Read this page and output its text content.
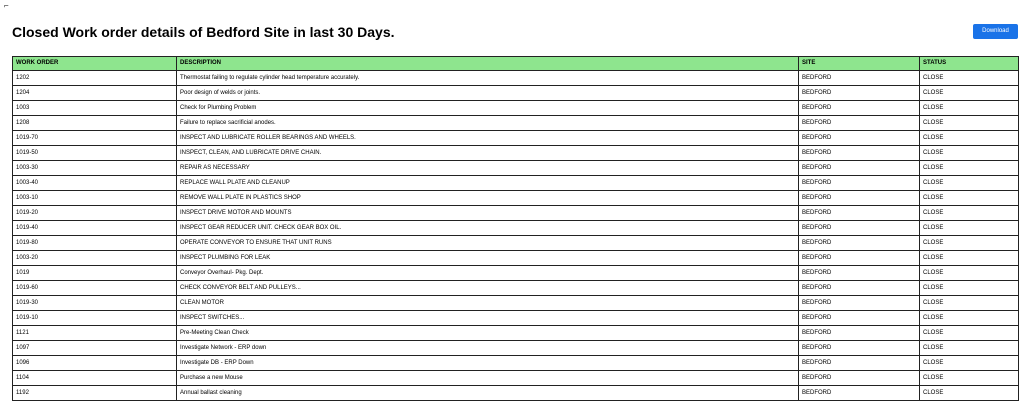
⌐
Closed Work order details of Bedford Site in last 30 Days.	Download
WORK ORDER	DESCRIPTION	SITE	STATUS
1202	Thermostat failing to regulate cylinder head temperature accurately.	BEDFORD	CLOSE
1204	Poor design of welds or joints.	BEDFORD	CLOSE
1003	Check for Plumbing Problem	BEDFORD	CLOSE
1208	Failure to replace sacrificial anodes.	BEDFORD	CLOSE
1019-70	INSPECT AND LUBRICATE ROLLER BEARINGS AND WHEELS.	BEDFORD	CLOSE
1019-50	INSPECT, CLEAN, AND LUBRICATE DRIVE CHAIN.	BEDFORD	CLOSE
1003-30	REPAIR AS NECESSARY	BEDFORD	CLOSE
1003-40	REPLACE WALL PLATE AND CLEANUP	BEDFORD	CLOSE
1003-10	REMOVE WALL PLATE IN PLASTICS SHOP	BEDFORD	CLOSE
1019-20	INSPECT DRIVE MOTOR AND MOUNTS	BEDFORD	CLOSE
1019-40	INSPECT GEAR REDUCER UNIT. CHECK GEAR BOX OIL.	BEDFORD	CLOSE
1019-80	OPERATE CONVEYOR TO ENSURE THAT UNIT RUNS	BEDFORD	CLOSE
1003-20	INSPECT PLUMBING FOR LEAK	BEDFORD	CLOSE
1019	Conveyor Overhaul- Pkg. Dept.	BEDFORD	CLOSE
1019-60	CHECK CONVEYOR BELT AND PULLEYS...	BEDFORD	CLOSE
1019-30	CLEAN MOTOR	BEDFORD	CLOSE
1019-10	INSPECT SWITCHES...	BEDFORD	CLOSE
1121	Pre-Meeting Clean Check	BEDFORD	CLOSE
1097	Investigate Network - ERP down	BEDFORD	CLOSE
1096	Investigate DB - ERP Down	BEDFORD	CLOSE
1104	Purchase a new Mouse	BEDFORD	CLOSE
1192	Annual ballast cleaning	BEDFORD	CLOSE
